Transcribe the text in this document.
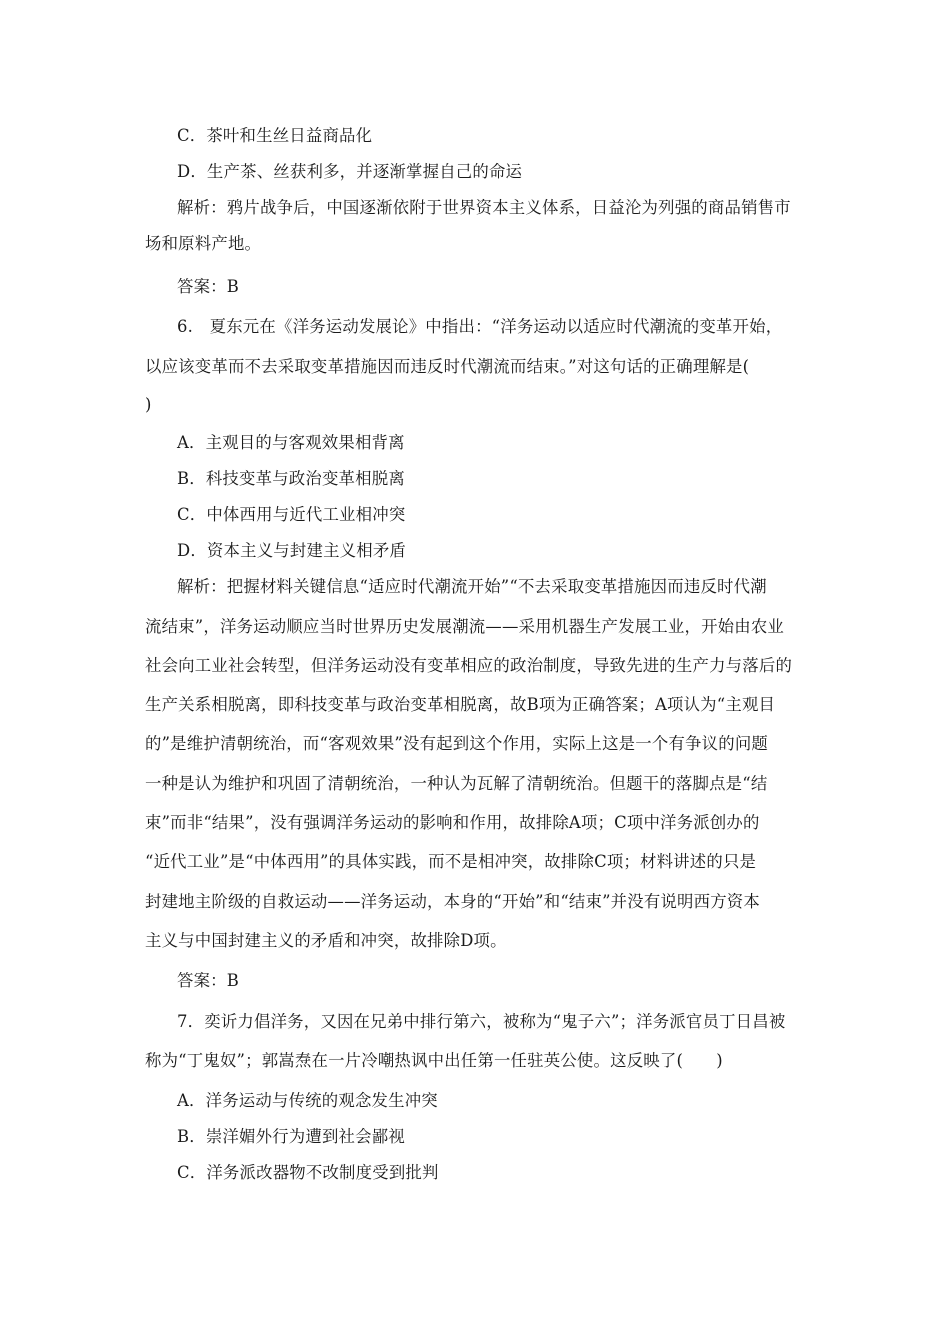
C．茶叶和生丝日益商品化
D．生产茶、丝获利多，并逐渐掌握自己的命运
解析：鸦片战争后，中国逐渐依附于世界资本主义体系，日益沦为列强的商品销售市
场和原料产地。
答案：B
6.　夏东元在《洋务运动发展论》中指出：“洋务运动以适应时代潮流的变革开始，
以应该变革而不去采取变革措施因而违反时代潮流而结束。”对这句话的正确理解是(
)
A．主观目的与客观效果相背离
B．科技变革与政治变革相脱离
C．中体西用与近代工业相冲突
D．资本主义与封建主义相矛盾
解析：把握材料关键信息“适应时代潮流开始”“不去采取变革措施因而违反时代潮
流结束”，洋务运动顺应当时世界历史发展潮流——采用机器生产发展工业，开始由农业
社会向工业社会转型，但洋务运动没有变革相应的政治制度，导致先进的生产力与落后的
生产关系相脱离，即科技变革与政治变革相脱离，故B项为正确答案；A项认为“主观目
的”是维护清朝统治，而“客观效果”没有起到这个作用，实际上这是一个有争议的问题
一种是认为维护和巩固了清朝统治，一种认为瓦解了清朝统治。但题干的落脚点是“结
束”而非“结果”，没有强调洋务运动的影响和作用，故排除A项；C项中洋务派创办的
“近代工业”是“中体西用”的具体实践，而不是相冲突，故排除C项；材料讲述的只是
封建地主阶级的自救运动——洋务运动，本身的“开始”和“结束”并没有说明西方资本
主义与中国封建主义的矛盾和冲突，故排除D项。
答案：B
7．奕䜣力倡洋务，又因在兄弟中排行第六，被称为“鬼子六”；洋务派官员丁日昌被
称为“丁鬼奴”；郭嵩焘在一片冷嘲热讽中出任第一任驻英公使。这反映了(　　)
A．洋务运动与传统的观念发生冲突
B．崇洋媚外行为遭到社会鄙视
C．洋务派改器物不改制度受到批判
